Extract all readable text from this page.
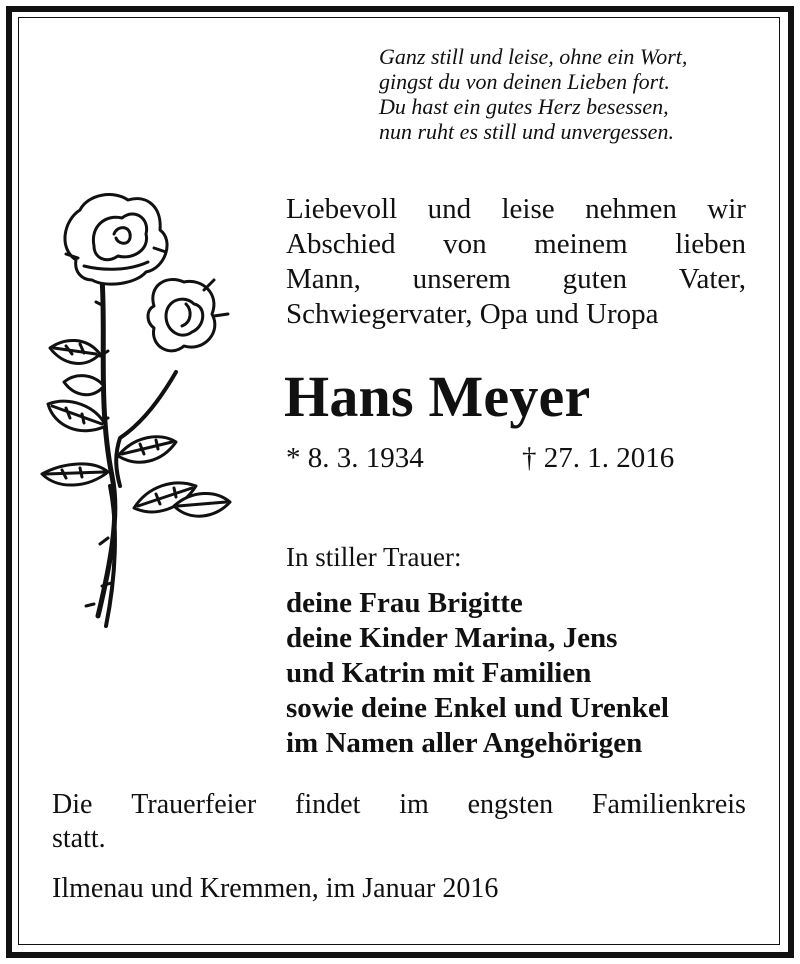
Ganz still und leise, ohne ein Wort,
gingst du von deinen Lieben fort.
Du hast ein gutes Herz besessen,
nun ruht es still und unvergessen.
Liebevoll und leise nehmen wir
Abschied von meinem lieben
Mann, unserem guten Vater,
Schwiegervater, Opa und Uropa
Hans Meyer
* 8. 3. 1934	† 27. 1. 2016
In stiller Trauer:
deine Frau Brigitte
deine Kinder Marina, Jens
und Katrin mit Familien
sowie deine Enkel und Urenkel
im Namen aller Angehörigen
Die Trauerfeier findet im engsten Familienkreis
statt.
Ilmenau und Kremmen, im Januar 2016
